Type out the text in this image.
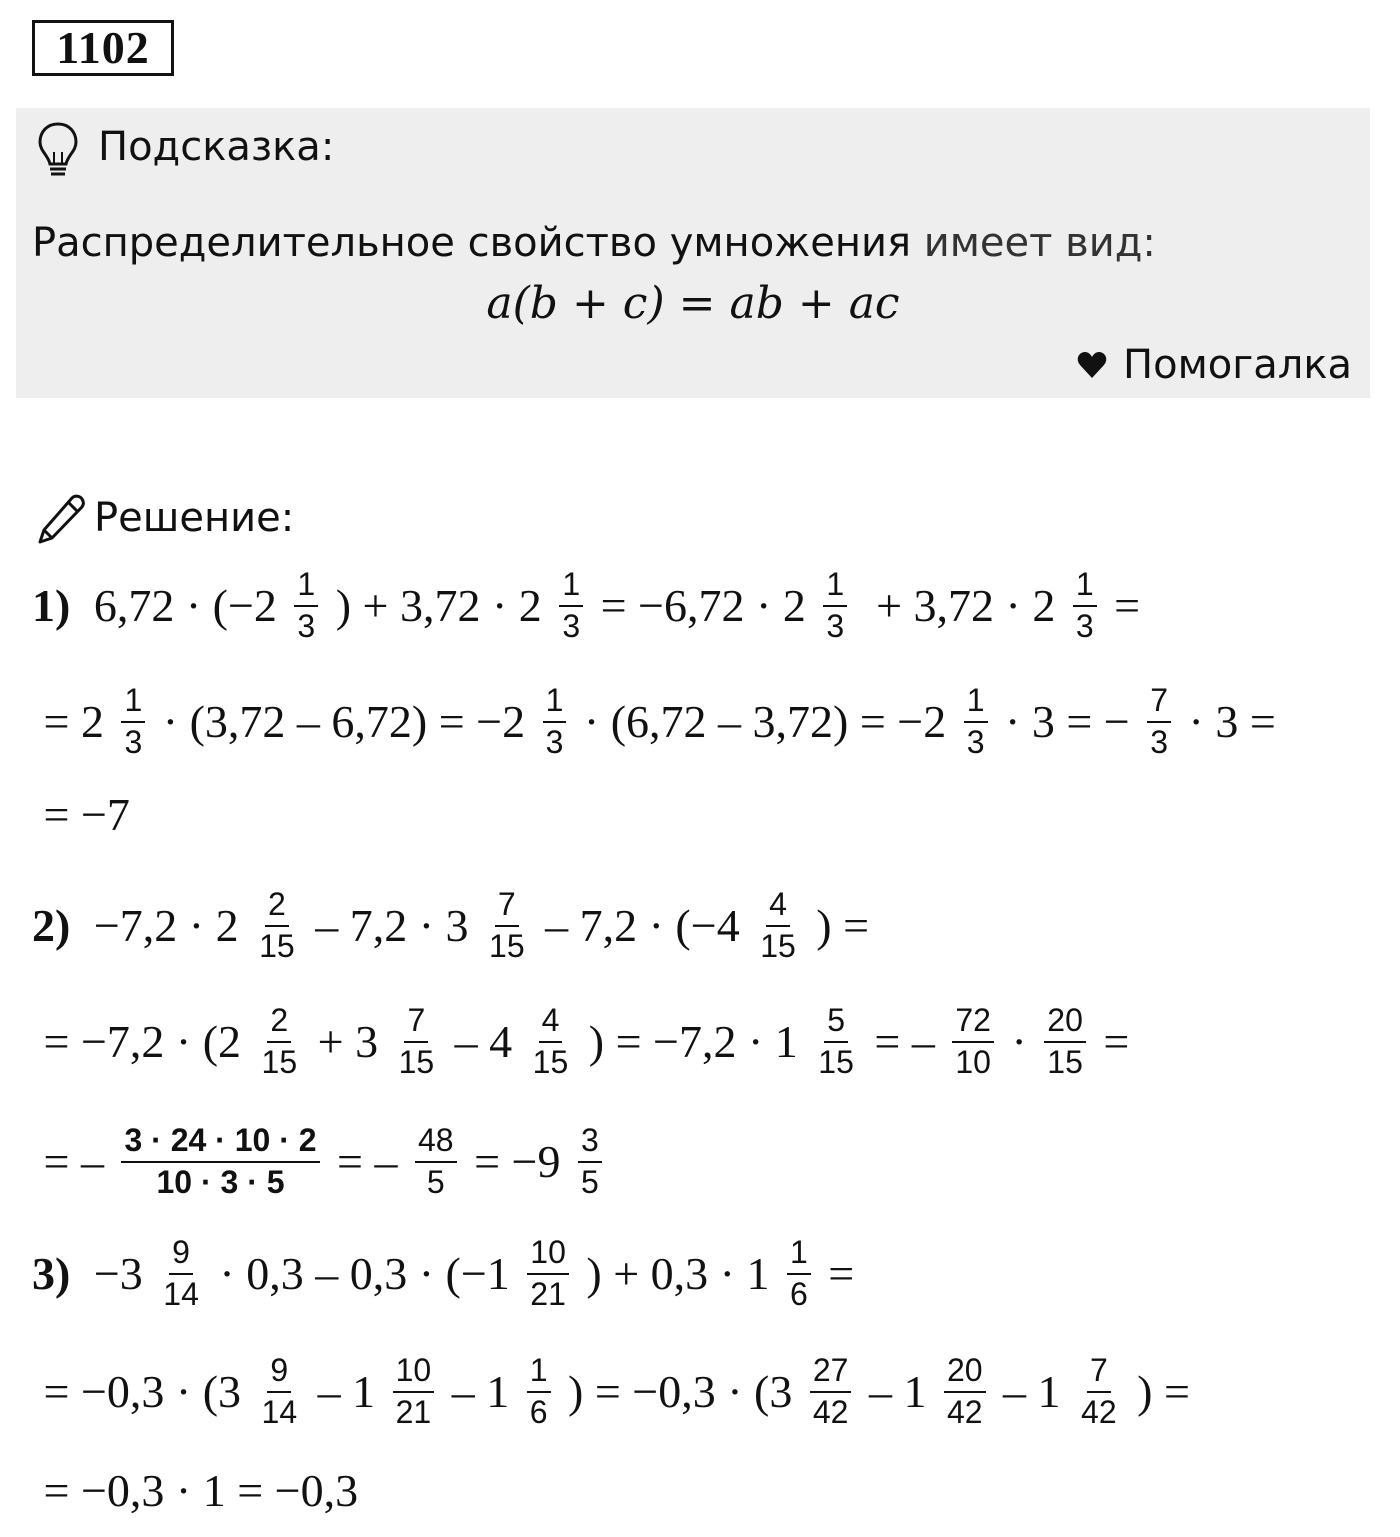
1102
Подсказка:
Распределительное свойство умножения имеет вид:
a(b + c) = ab + ac
Помогалка
Решение:
1) $6,72 \cdot (-2 \frac{1}{3}$ ) + $3,72 \cdot 2 \frac{1}{3} = -6,72 \cdot 2 \frac{1}{3} + 3,72 \cdot 2 \frac{1}{3}$ =
= $2 \frac{1}{3} \cdot (3,72 - 6,72) = -2 \frac{1}{3} \cdot (6,72 - 3,72) = -2 \frac{1}{3} \cdot 3$ = − $\frac{7}{3} \cdot 3$ =
= −7
$2) -7,2 \cdot 2 \frac{2}{15} - 7,2 \cdot 3 \frac{7}{15} - 7,2 \cdot (-4 \frac{4}{15}$ ) =
= $-7,2 \cdot (2 \frac{2}{15} + 3 \frac{7}{15} - 4 \frac{4}{15}$ ) = $-7,2 \cdot 1 \frac{5}{15}$ = – $\frac{72}{10} \cdot \frac{20}{15}$ =
= – $\frac{3 \cdot 24 \cdot 10 \cdot 2}{10 \cdot 3 \cdot 5}$ = – $\frac{48}{5} = -9 \frac{3}{5}$
$3) -3 \frac{9}{14} \cdot 0,3 - 0,3 \cdot (-1 \frac{10}{21}$ ) + $0,3 \cdot 1 \frac{1}{6}$ =
= $-0,3 \cdot (3 \frac{9}{14} - 1 \frac{10}{21} - 1 \frac{1}{6}$ ) = $-0,3 \cdot (3 \frac{27}{42} - 1 \frac{20}{42} - 1 \frac{7}{42}$ ) =
= −0,3 · 1 = −0,3
